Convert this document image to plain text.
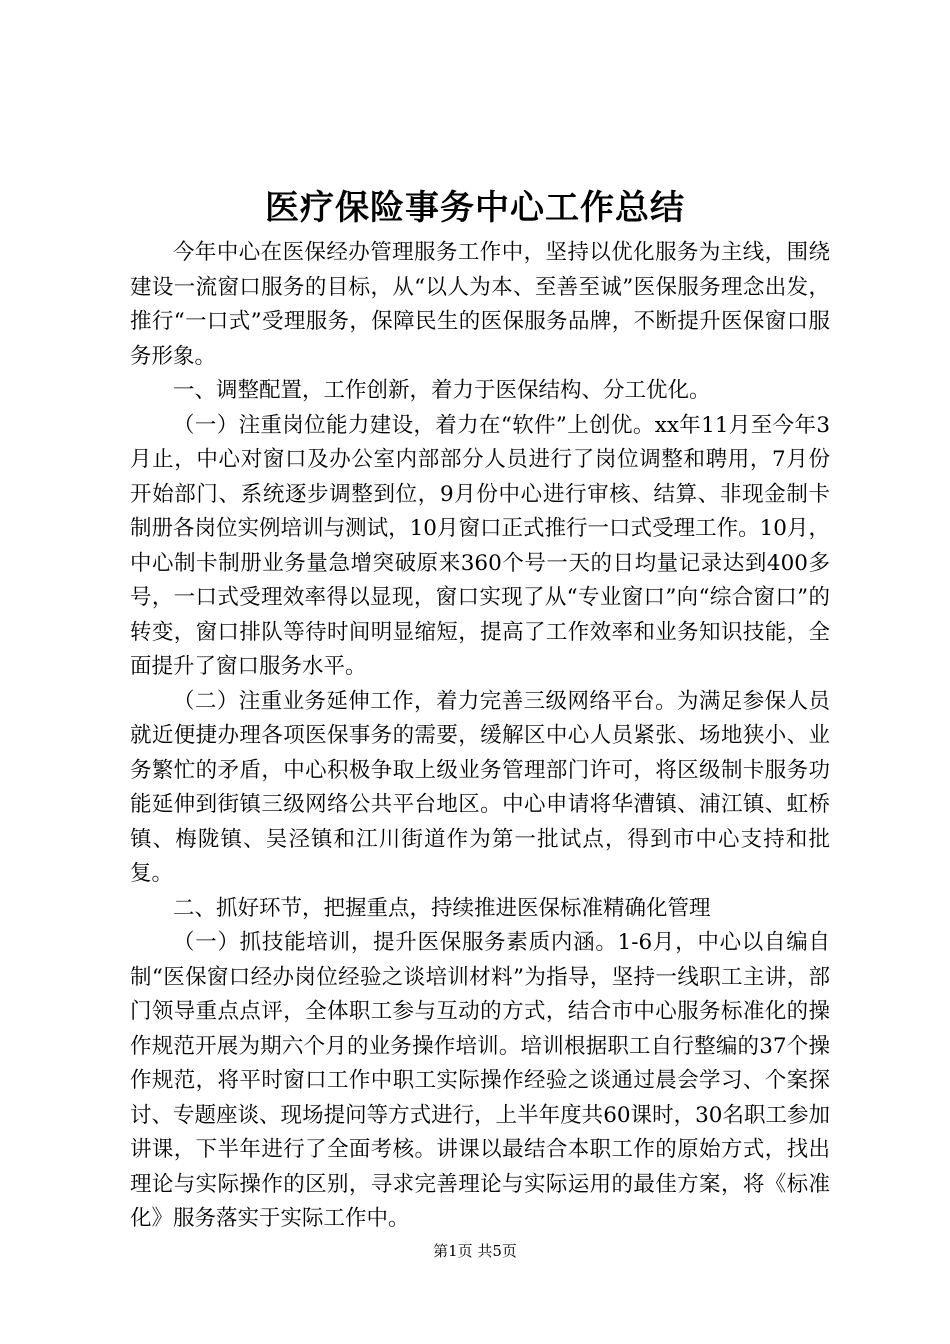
医疗保险事务中心工作总结

今年中心在医保经办管理服务工作中，坚持以优化服务为主线，围绕建设一流窗口服务的目标，从“以人为本、至善至诚”医保服务理念出发，推行“一口式”受理服务，保障民生的医保服务品牌，不断提升医保窗口服务形象。

一、调整配置，工作创新，着力于医保结构、分工优化。

（一）注重岗位能力建设，着力在“软件”上创优。xx年11月至今年3月止，中心对窗口及办公室内部部分人员进行了岗位调整和聘用，7月份开始部门、系统逐步调整到位，9月份中心进行审核、结算、非现金制卡制册各岗位实例培训与测试，10月窗口正式推行一口式受理工作。10月，中心制卡制册业务量急增突破原来360个号一天的日均量记录达到400多号，一口式受理效率得以显现，窗口实现了从“专业窗口”向“综合窗口”的转变，窗口排队等待时间明显缩短，提高了工作效率和业务知识技能，全面提升了窗口服务水平。

（二）注重业务延伸工作，着力完善三级网络平台。为满足参保人员就近便捷办理各项医保事务的需要，缓解区中心人员紧张、场地狭小、业务繁忙的矛盾，中心积极争取上级业务管理部门许可，将区级制卡服务功能延伸到街镇三级网络公共平台地区。中心申请将华漕镇、浦江镇、虹桥镇、梅陇镇、吴泾镇和江川街道作为第一批试点，得到市中心支持和批复。

二、抓好环节，把握重点，持续推进医保标准精确化管理

（一）抓技能培训，提升医保服务素质内涵。1-6月，中心以自编自制“医保窗口经办岗位经验之谈培训材料”为指导，坚持一线职工主讲，部门领导重点点评，全体职工参与互动的方式，结合市中心服务标准化的操作规范开展为期六个月的业务操作培训。培训根据职工自行整编的37个操作规范，将平时窗口工作中职工实际操作经验之谈通过晨会学习、个案探讨、专题座谈、现场提问等方式进行，上半年度共60课时，30名职工参加讲课，下半年进行了全面考核。讲课以最结合本职工作的原始方式，找出理论与实际操作的区别，寻求完善理论与实际运用的最佳方案，将《标准化》服务落实于实际工作中。

第1页 共5页
